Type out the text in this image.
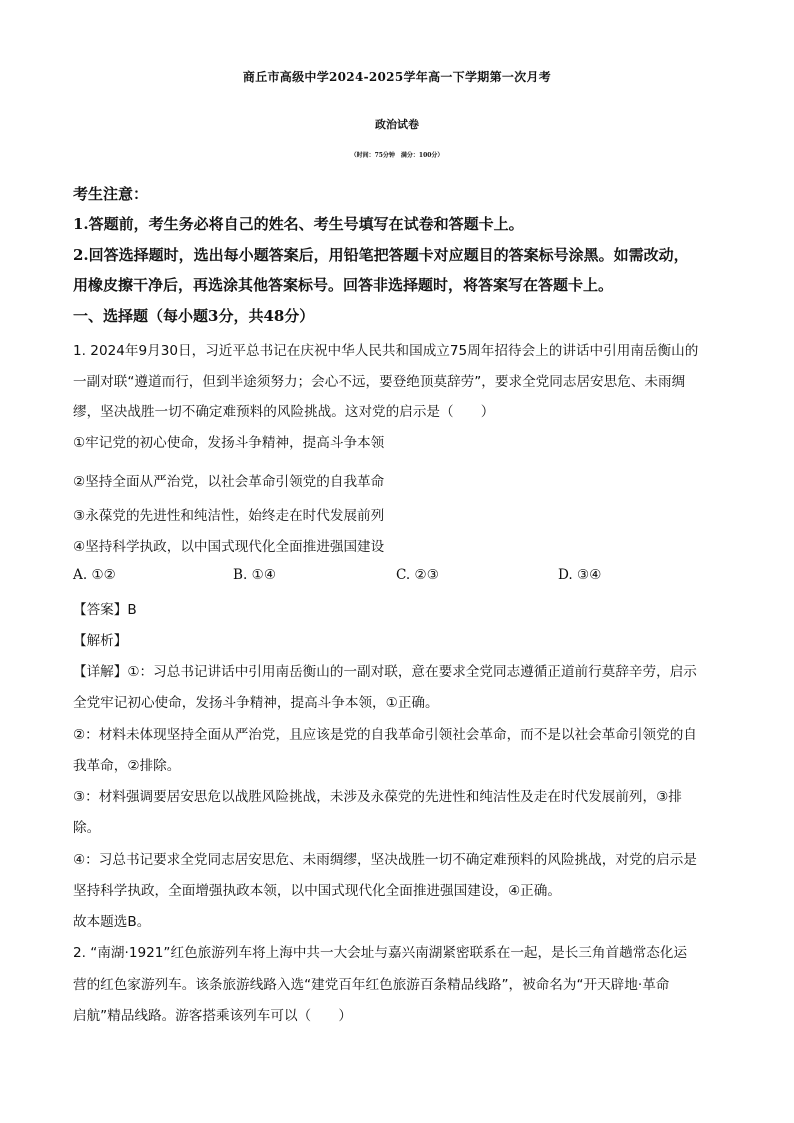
商丘市高级中学2024-2025学年高一下学期第一次月考
政治试卷
（时间：75分钟　满分：100分）
考生注意：
1.答题前，考生务必将自己的姓名、考生号填写在试卷和答题卡上。
2.回答选择题时，选出每小题答案后，用铅笔把答题卡对应题目的答案标号涂黑。如需改动，
用橡皮擦干净后，再选涂其他答案标号。回答非选择题时，将答案写在答题卡上。
一、选择题（每小题3分，共48分）
1. 2024年9月30日，习近平总书记在庆祝中华人民共和国成立75周年招待会上的讲话中引用南岳衡山的
一副对联“遵道而行，但到半途须努力；会心不远，要登绝顶莫辞劳”，要求全党同志居安思危、未雨绸
缪，坚决战胜一切不确定难预料的风险挑战。这对党的启示是（　　）
①牢记党的初心使命，发扬斗争精神，提高斗争本领
②坚持全面从严治党，以社会革命引领党的自我革命
③永葆党的先进性和纯洁性，始终走在时代发展前列
④坚持科学执政，以中国式现代化全面推进强国建设
A. ①②	B. ①④	C. ②③	D. ③④
【答案】B
【解析】
【详解】①：习总书记讲话中引用南岳衡山的一副对联，意在要求全党同志遵循正道前行莫辞辛劳，启示
全党牢记初心使命，发扬斗争精神，提高斗争本领，①正确。
②：材料未体现坚持全面从严治党，且应该是党的自我革命引领社会革命，而不是以社会革命引领党的自
我革命，②排除。
③：材料强调要居安思危以战胜风险挑战，未涉及永葆党的先进性和纯洁性及走在时代发展前列，③排
除。
④：习总书记要求全党同志居安思危、未雨绸缪，坚决战胜一切不确定难预料的风险挑战，对党的启示是
坚持科学执政，全面增强执政本领，以中国式现代化全面推进强国建设，④正确。
故本题选B。
2. “南湖·1921”红色旅游列车将上海中共一大会址与嘉兴南湖紧密联系在一起，是长三角首趟常态化运
营的红色家游列车。该条旅游线路入选“建党百年红色旅游百条精品线路”，被命名为“开天辟地·革命
启航”精品线路。游客搭乘该列车可以（　　）
